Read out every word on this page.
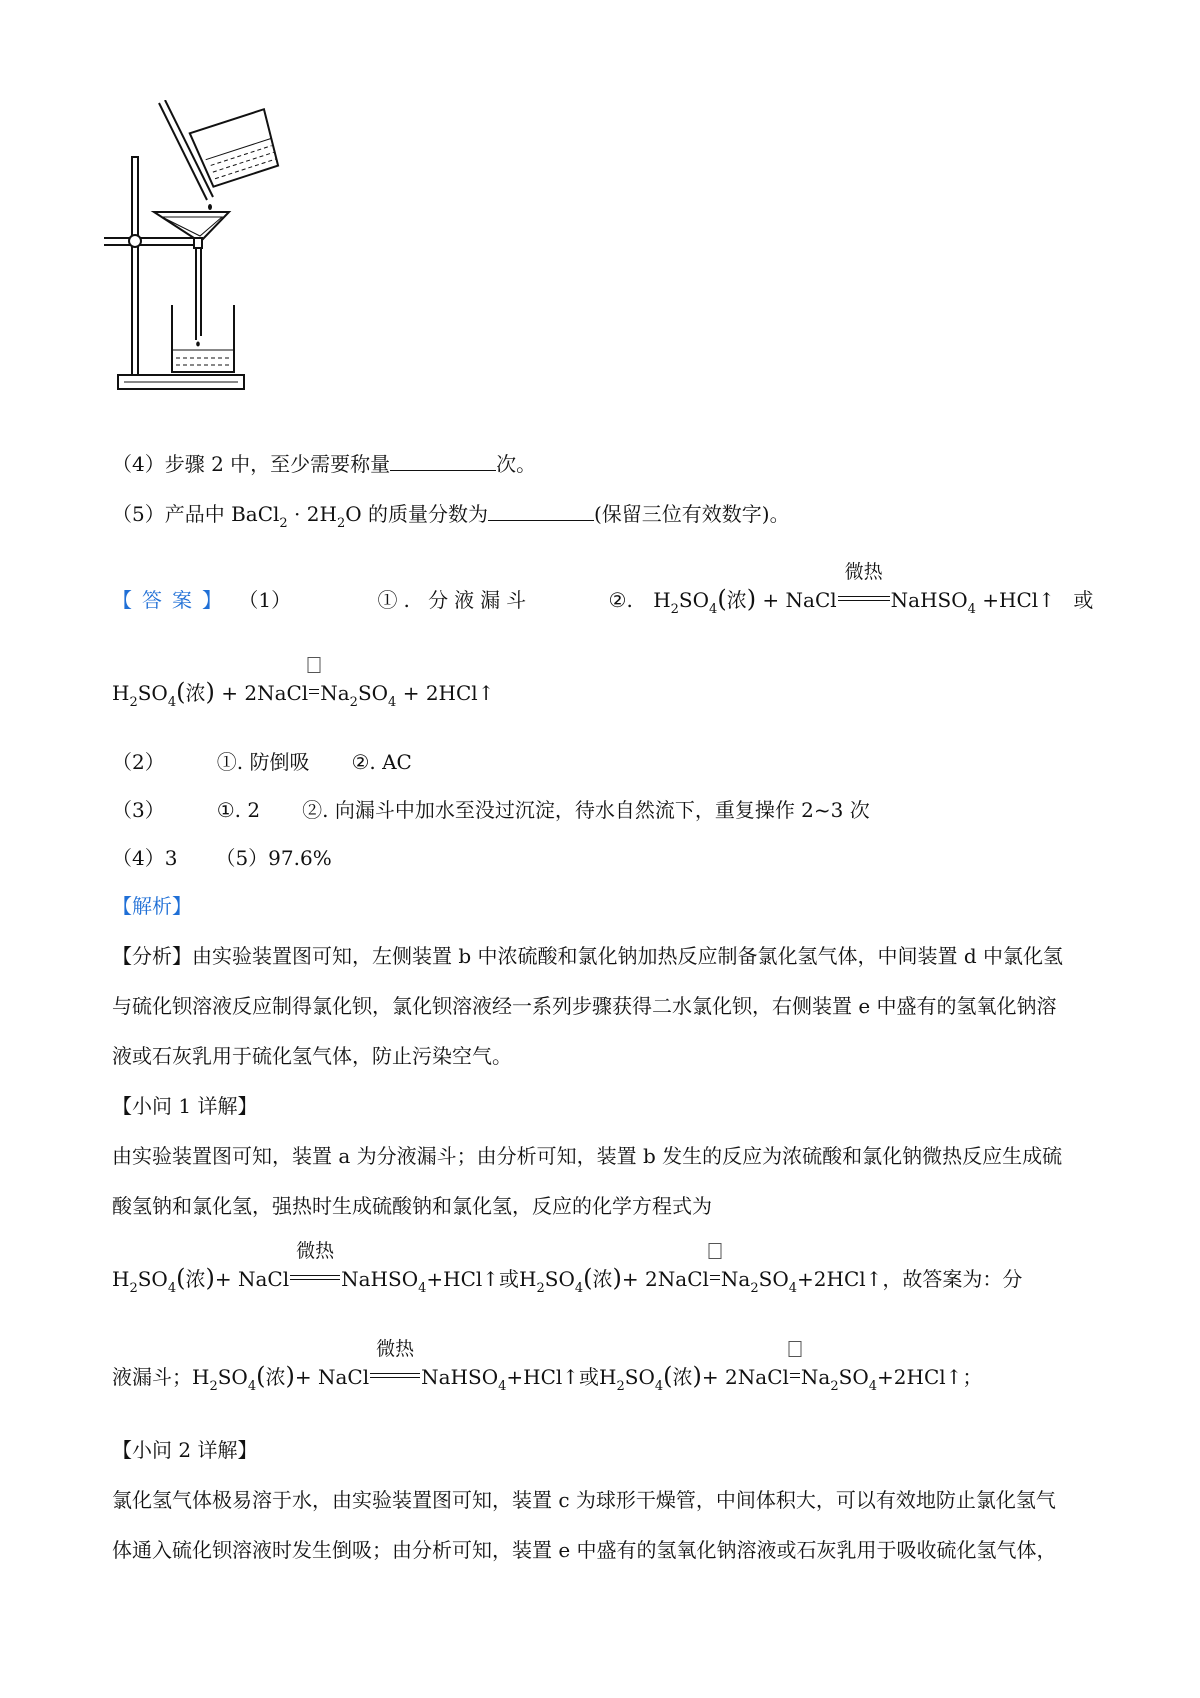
（4）步骤 2 中，至少需要称量	次。
（5）产品中 BaCl$_2$ · $2H_2O$ 的质量分数为	(保留三位有效数字)。
【答案】 （1）	①. 分液漏斗	②. $H_2SO_4$(浓) + NaCl
微热
NaHSO$_4$ +HCl↑ 或
$H_2SO_4$(浓) + 2NaCl $Na_2SO_4$ + 2HCl↑
（2）	①. 防倒吸 ②. AC
（3）	①. 2 ②. 向漏斗中加水至没过沉淀，待水自然流下，重复操作 2~3 次
（4）3 （5）97.6%
【解析】
【分析】由实验装置图可知，左侧装置 b 中浓硫酸和氯化钠加热反应制备氯化氢气体，中间装置 d 中氯化氢
与硫化钡溶液反应制得氯化钡，氯化钡溶液经一系列步骤获得二水氯化钡，右侧装置 e 中盛有的氢氧化钠溶
液或石灰乳用于硫化氢气体，防止污染空气。
【小问 1 详解】
由实验装置图可知，装置 a 为分液漏斗；由分析可知，装置 b 发生的反应为浓硫酸和氯化钠微热反应生成硫
酸氢钠和氯化氢，强热时生成硫酸钠和氯化氢，反应的化学方程式为
$H_2SO_4$(浓)+ NaCl
微热
NaHSO$_4$+HCl↑或$H_2SO_4$(浓)+ 2NaCl $Na_2SO_4+2HCl↑$，故答案为：分
液漏斗；$H_2SO_4$(浓)+ NaCl
微热
NaHSO$_4$+HCl↑或$H_2SO_4$(浓)+ 2NaCl $Na_2SO_4+2HCl↑$；
【小问 2 详解】
氯化氢气体极易溶于水，由实验装置图可知，装置 c 为球形干燥管，中间体积大，可以有效地防止氯化氢气
体通入硫化钡溶液时发生倒吸；由分析可知，装置 e 中盛有的氢氧化钠溶液或石灰乳用于吸收硫化氢气体，
